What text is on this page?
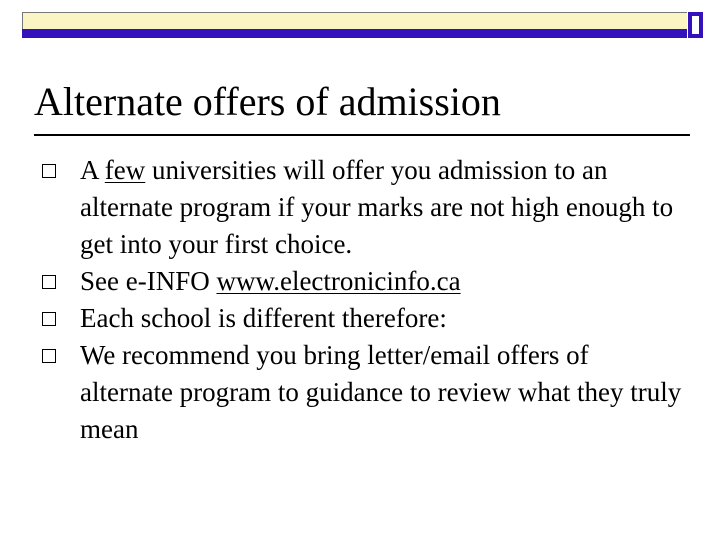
Alternate offers of admission
A few universities will offer you admission to an alternate program if your marks are not high enough to get into your first choice.
See e-INFO www.electronicinfo.ca
Each school is different therefore:
We recommend you bring letter/email offers of alternate program to guidance to review what they truly mean
